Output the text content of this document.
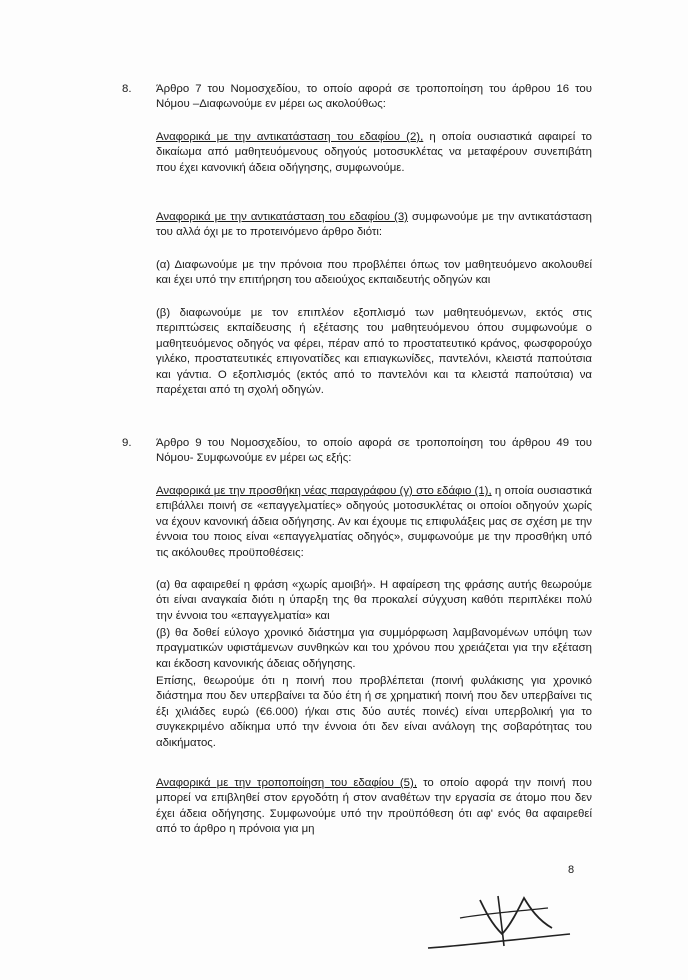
8.	Άρθρο 7 του Νομοσχεδίου, το οποίο αφορά σε τροποποίηση του άρθρου 16 του Νόμου –Διαφωνούμε εν μέρει ως ακολούθως:
Αναφορικά με την αντικατάσταση του εδαφίου (2), η οποία ουσιαστικά αφαιρεί το δικαίωμα από μαθητευόμενους οδηγούς μοτοσυκλέτας να μεταφέρουν συνεπιβάτη που έχει κανονική άδεια οδήγησης, συμφωνούμε.
Αναφορικά με την αντικατάσταση του εδαφίου (3) συμφωνούμε με την αντικατάσταση του αλλά όχι με το προτεινόμενο άρθρο διότι:
(α) Διαφωνούμε με την πρόνοια που προβλέπει όπως τον μαθητευόμενο ακολουθεί και έχει υπό την επιτήρηση του αδειούχος εκπαιδευτής οδηγών και
(β) διαφωνούμε με τον επιπλέον εξοπλισμό των μαθητευόμενων, εκτός στις περιπτώσεις εκπαίδευσης ή εξέτασης του μαθητευόμενου όπου συμφωνούμε ο μαθητευόμενος οδηγός να φέρει, πέραν από το προστατευτικό κράνος, φωσφορούχο γιλέκο, προστατευτικές επιγονατίδες και επιαγκωνίδες, παντελόνι, κλειστά παπούτσια και γάντια. Ο εξοπλισμός (εκτός από το παντελόνι και τα κλειστά παπούτσια) να παρέχεται από τη σχολή οδηγών.
9.	Άρθρο 9 του Νομοσχεδίου, το οποίο αφορά σε τροποποίηση του άρθρου 49 του Νόμου- Συμφωνούμε εν μέρει ως εξής:
Αναφορικά με την προσθήκη νέας παραγράφου (γ) στο εδάφιο (1), η οποία ουσιαστικά επιβάλλει ποινή σε «επαγγελματίες» οδηγούς μοτοσυκλέτας οι οποίοι οδηγούν χωρίς να έχουν κανονική άδεια οδήγησης. Αν και έχουμε τις επιφυλάξεις μας σε σχέση με την έννοια του ποιος είναι «επαγγελματίας οδηγός», συμφωνούμε με την προσθήκη υπό τις ακόλουθες προϋποθέσεις:
(α) θα αφαιρεθεί η φράση «χωρίς αμοιβή». Η αφαίρεση της φράσης αυτής θεωρούμε ότι είναι αναγκαία διότι η ύπαρξη της θα προκαλεί σύγχυση καθότι περιπλέκει πολύ την έννοια του «επαγγελματία» και
(β) θα δοθεί εύλογο χρονικό διάστημα για συμμόρφωση λαμβανομένων υπόψη των πραγματικών υφιστάμενων συνθηκών και του χρόνου που χρειάζεται για την εξέταση και έκδοση κανονικής άδειας οδήγησης.
Επίσης, θεωρούμε ότι η ποινή που προβλέπεται (ποινή φυλάκισης για χρονικό διάστημα που δεν υπερβαίνει τα δύο έτη ή σε χρηματική ποινή που δεν υπερβαίνει τις έξι χιλιάδες ευρώ (€6.000) ή/και στις δύο αυτές ποινές) είναι υπερβολική για το συγκεκριμένο αδίκημα υπό την έννοια ότι δεν είναι ανάλογη της σοβαρότητας του αδικήματος.
Αναφορικά με την τροποποίηση του εδαφίου (5), το οποίο αφορά την ποινή που μπορεί να επιβληθεί στον εργοδότη ή στον αναθέτων την εργασία σε άτομο που δεν έχει άδεια οδήγησης. Συμφωνούμε υπό την προϋπόθεση ότι αφ' ενός θα αφαιρεθεί από το άρθρο η πρόνοια για μη
8
